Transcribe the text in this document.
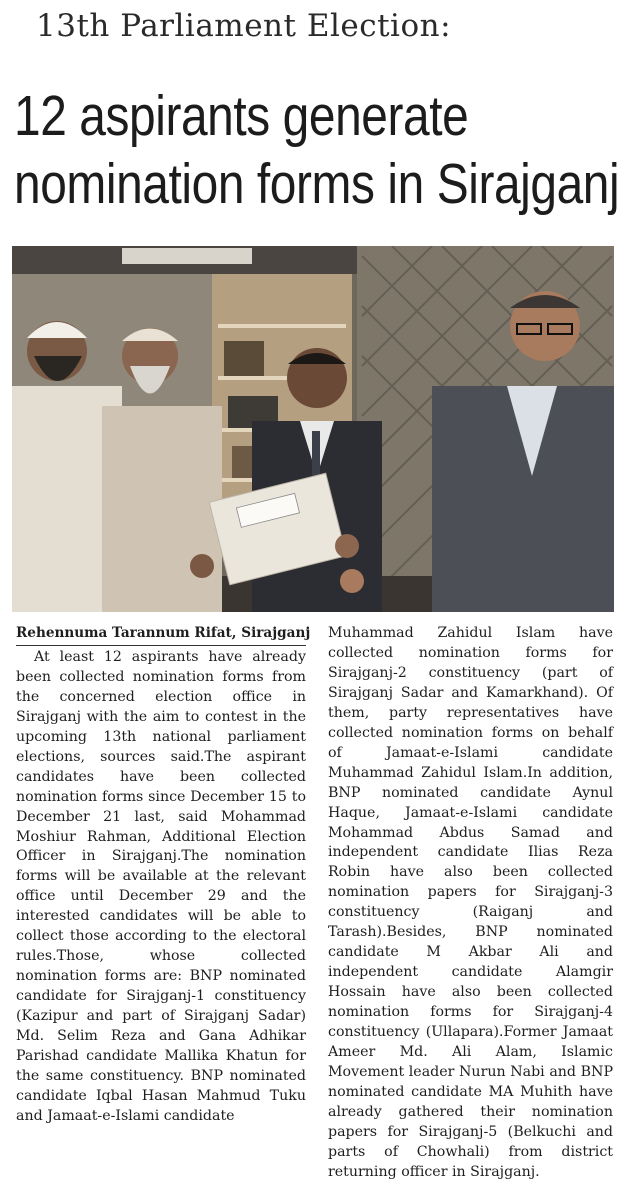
13th Parliament Election:
12 aspirants generate
nomination forms in Sirajganj
Rehennuma Tarannum Rifat, Sirajganj
At least 12 aspirants have already been collected nomination forms from the concerned election office in Sirajganj with the aim to contest in the upcoming 13th national parliament elections, sources said.The aspirant candidates have been collected nomination forms since December 15 to December 21 last, said Mohammad Moshiur Rahman, Additional Election Officer in Sirajganj.The nomination forms will be available at the relevant office until December 29 and the interested candidates will be able to collect those according to the electoral rules.Those, whose collected nomination forms are: BNP nominated candidate for Sirajganj-1 constituency (Kazipur and part of Sirajganj Sadar) Md. Selim Reza and Gana Adhikar Parishad candidate Mallika Khatun for the same constituency. BNP nominated candidate Iqbal Hasan Mahmud Tuku and Jamaat-e-Islami candidate
Muhammad Zahidul Islam have collected nomination forms for Sirajganj-2 constituency (part of Sirajganj Sadar and Kamarkhand). Of them, party representatives have collected nomination forms on behalf of Jamaat-e-Islami candidate Muhammad Zahidul Islam.In addition, BNP nominated candidate Aynul Haque, Jamaat-e-Islami candidate Mohammad Abdus Samad and independent candidate Ilias Reza Robin have also been collected nomination papers for Sirajganj-3 constituency (Raiganj and Tarash).Besides, BNP nominated candidate M Akbar Ali and independent candidate Alamgir Hossain have also been collected nomination forms for Sirajganj-4 constituency (Ullapara).Former Jamaat Ameer Md. Ali Alam, Islamic Movement leader Nurun Nabi and BNP nominated candidate MA Muhith have already gathered their nomination papers for Sirajganj-5 (Belkuchi and parts of Chowhali) from district returning officer in Sirajganj.
